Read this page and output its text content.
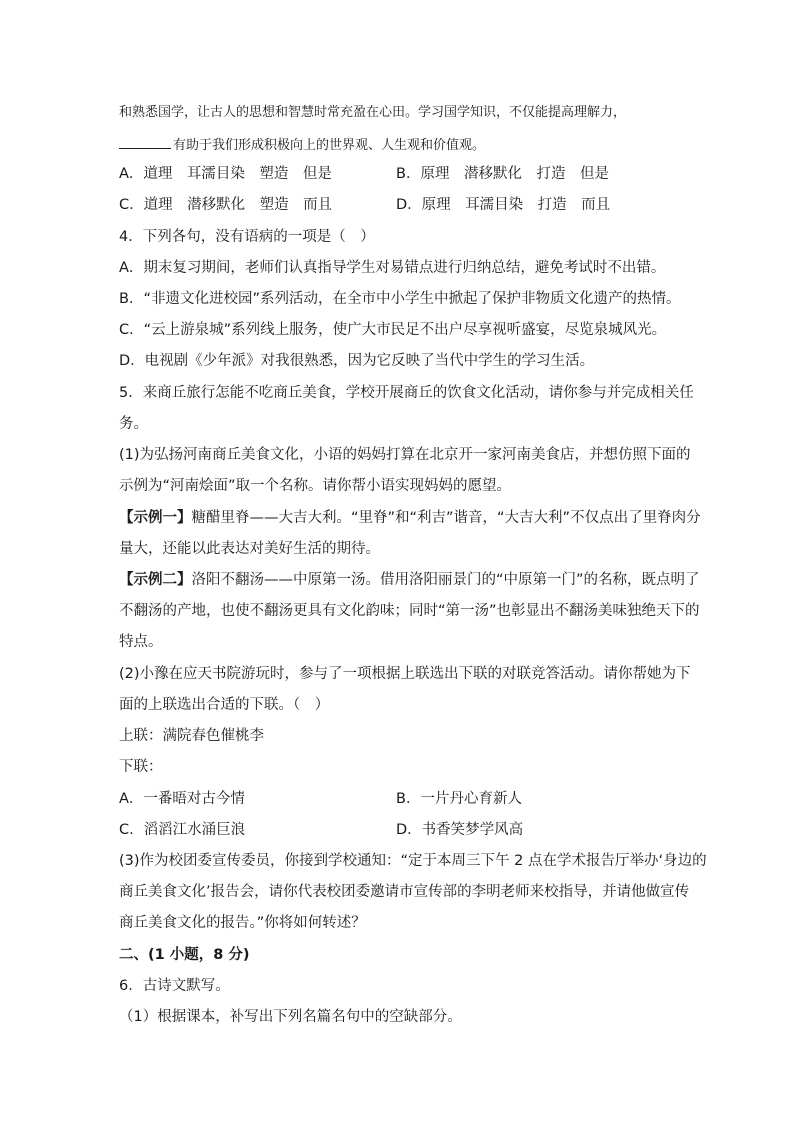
和熟悉国学，让古人的思想和智慧时常充盈在心田。学习国学知识，不仅能提高理解力，
有助于我们形成积极向上的世界观、人生观和价值观。
A．道理　耳濡目染　塑造　但是	B．原理　潜移默化　打造　但是
C．道理　潜移默化　塑造　而且	D．原理　耳濡目染　打造　而且
4．下列各句，没有语病的一项是（　）
A．期末复习期间，老师们认真指导学生对易错点进行归纳总结，避免考试时不出错。
B．“非遗文化进校园”系列活动，在全市中小学生中掀起了保护非物质文化遗产的热情。
C．“云上游泉城”系列线上服务，使广大市民足不出户尽享视听盛宴，尽览泉城风光。
D．电视剧《少年派》对我很熟悉，因为它反映了当代中学生的学习生活。
5．来商丘旅行怎能不吃商丘美食，学校开展商丘的饮食文化活动，请你参与并完成相关任
务。
(1)为弘扬河南商丘美食文化，小语的妈妈打算在北京开一家河南美食店，并想仿照下面的
示例为“河南烩面”取一个名称。请你帮小语实现妈妈的愿望。
【示例一】糖醋里脊——大吉大利。“里脊”和“利吉”谐音，“大吉大利”不仅点出了里脊肉分
量大，还能以此表达对美好生活的期待。
【示例二】洛阳不翻汤——中原第一汤。借用洛阳丽景门的“中原第一门”的名称，既点明了
不翻汤的产地，也使不翻汤更具有文化韵味；同时“第一汤”也彰显出不翻汤美味独绝天下的
特点。
(2)小豫在应天书院游玩时，参与了一项根据上联选出下联的对联竞答活动。请你帮她为下
面的上联选出合适的下联。（　）
上联：满院春色催桃李
下联：
A．一番晤对古今情	B．一片丹心育新人
C．滔滔江水涌巨浪	D．书香笑梦学风高
(3)作为校团委宣传委员，你接到学校通知：“定于本周三下午 2 点在学术报告厅举办‘身边的
商丘美食文化’报告会，请你代表校团委邀请市宣传部的李明老师来校指导，并请他做宣传
商丘美食文化的报告。”你将如何转述？
二、(1 小题，8 分)
6．古诗文默写。
（1）根据课本，补写出下列名篇名句中的空缺部分。
